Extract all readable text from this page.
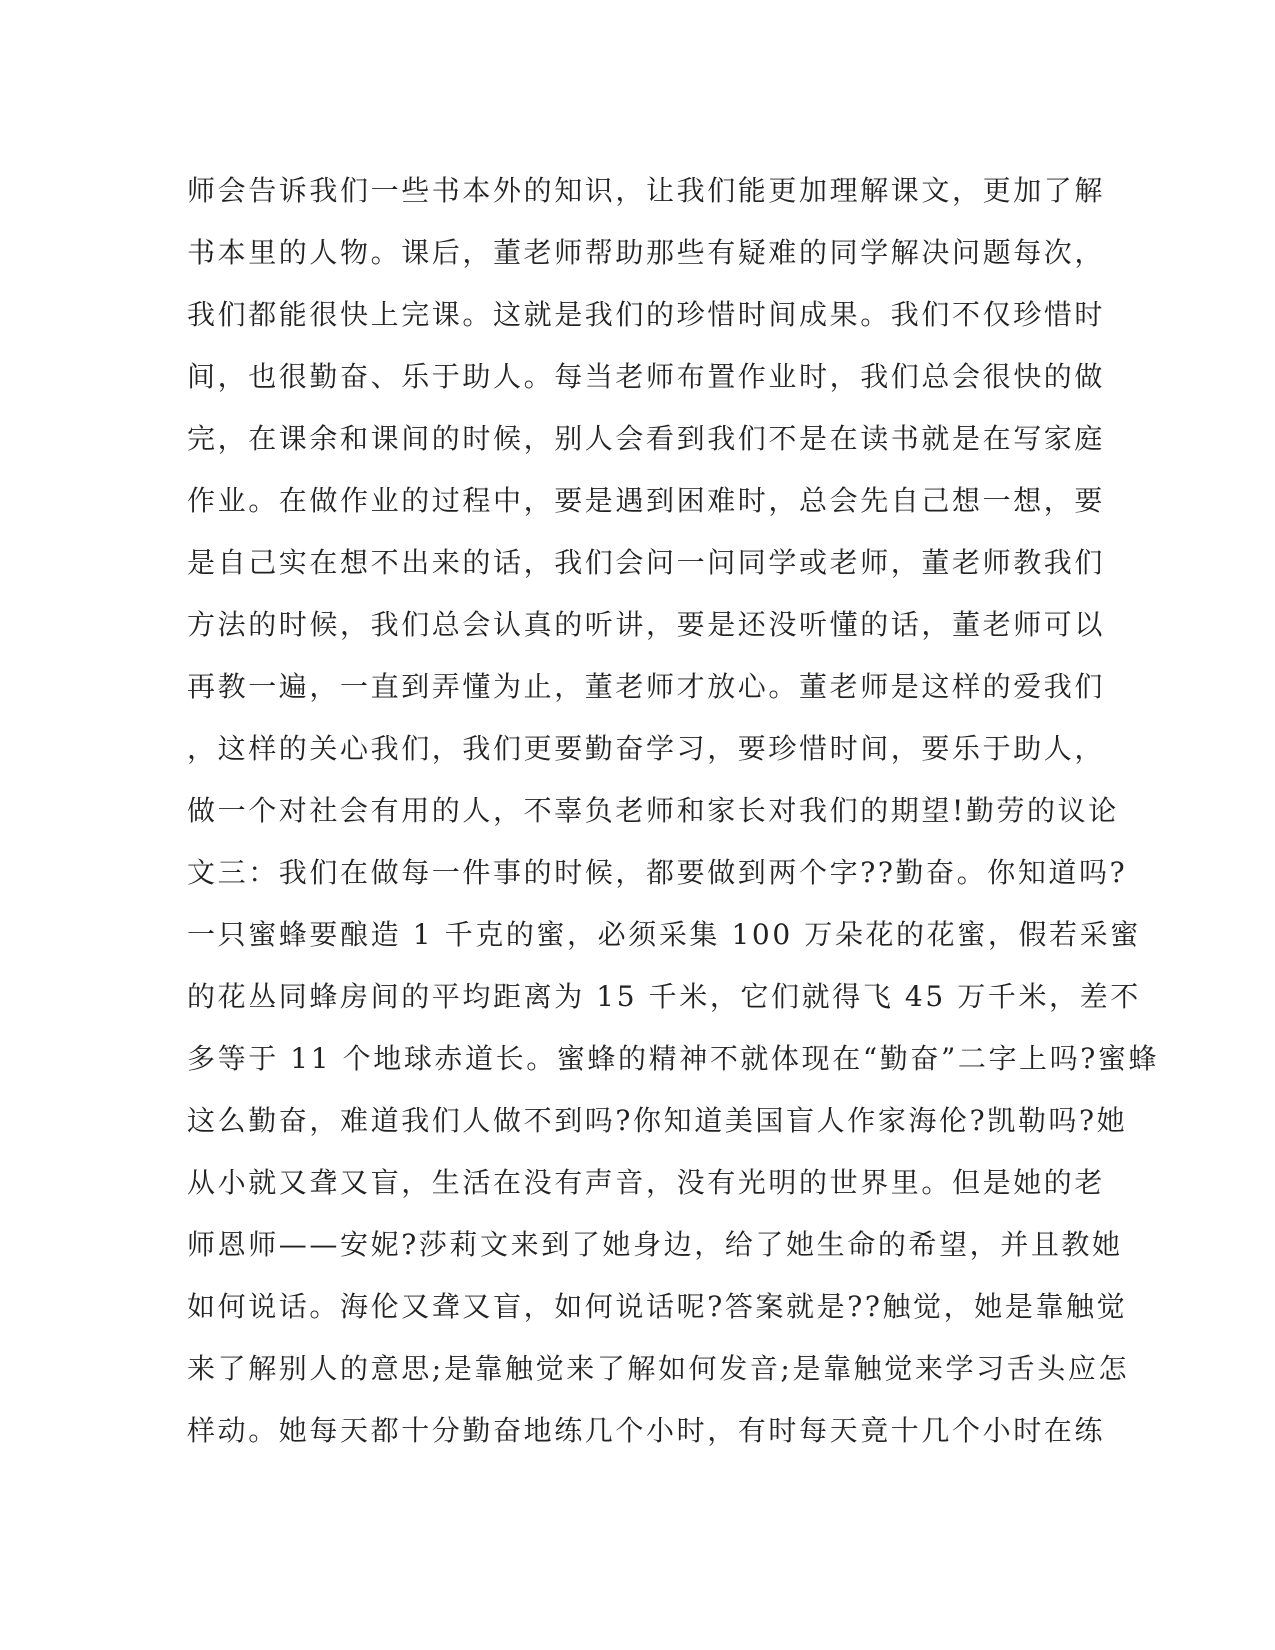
师会告诉我们一些书本外的知识，让我们能更加理解课文，更加了解
书本里的人物。课后，董老师帮助那些有疑难的同学解决问题每次，
我们都能很快上完课。这就是我们的珍惜时间成果。我们不仅珍惜时
间，也很勤奋、乐于助人。每当老师布置作业时，我们总会很快的做
完，在课余和课间的时候，别人会看到我们不是在读书就是在写家庭
作业。在做作业的过程中，要是遇到困难时，总会先自己想一想，要
是自己实在想不出来的话，我们会问一问同学或老师，董老师教我们
方法的时候，我们总会认真的听讲，要是还没听懂的话，董老师可以
再教一遍，一直到弄懂为止，董老师才放心。董老师是这样的爱我们
，这样的关心我们，我们更要勤奋学习，要珍惜时间，要乐于助人，
做一个对社会有用的人，不辜负老师和家长对我们的期望!勤劳的议论
文三：我们在做每一件事的时候，都要做到两个字??勤奋。你知道吗?
一只蜜蜂要酿造 1 千克的蜜，必须采集 100 万朵花的花蜜，假若采蜜
的花丛同蜂房间的平均距离为 15 千米，它们就得飞 45 万千米，差不
多等于 11 个地球赤道长。蜜蜂的精神不就体现在“勤奋”二字上吗?蜜蜂
这么勤奋，难道我们人做不到吗?你知道美国盲人作家海伦?凯勒吗?她
从小就又聋又盲，生活在没有声音，没有光明的世界里。但是她的老
师恩师——安妮?莎莉文来到了她身边，给了她生命的希望，并且教她
如何说话。海伦又聋又盲，如何说话呢?答案就是??触觉，她是靠触觉
来了解别人的意思;是靠触觉来了解如何发音;是靠触觉来学习舌头应怎
样动。她每天都十分勤奋地练几个小时，有时每天竟十几个小时在练
